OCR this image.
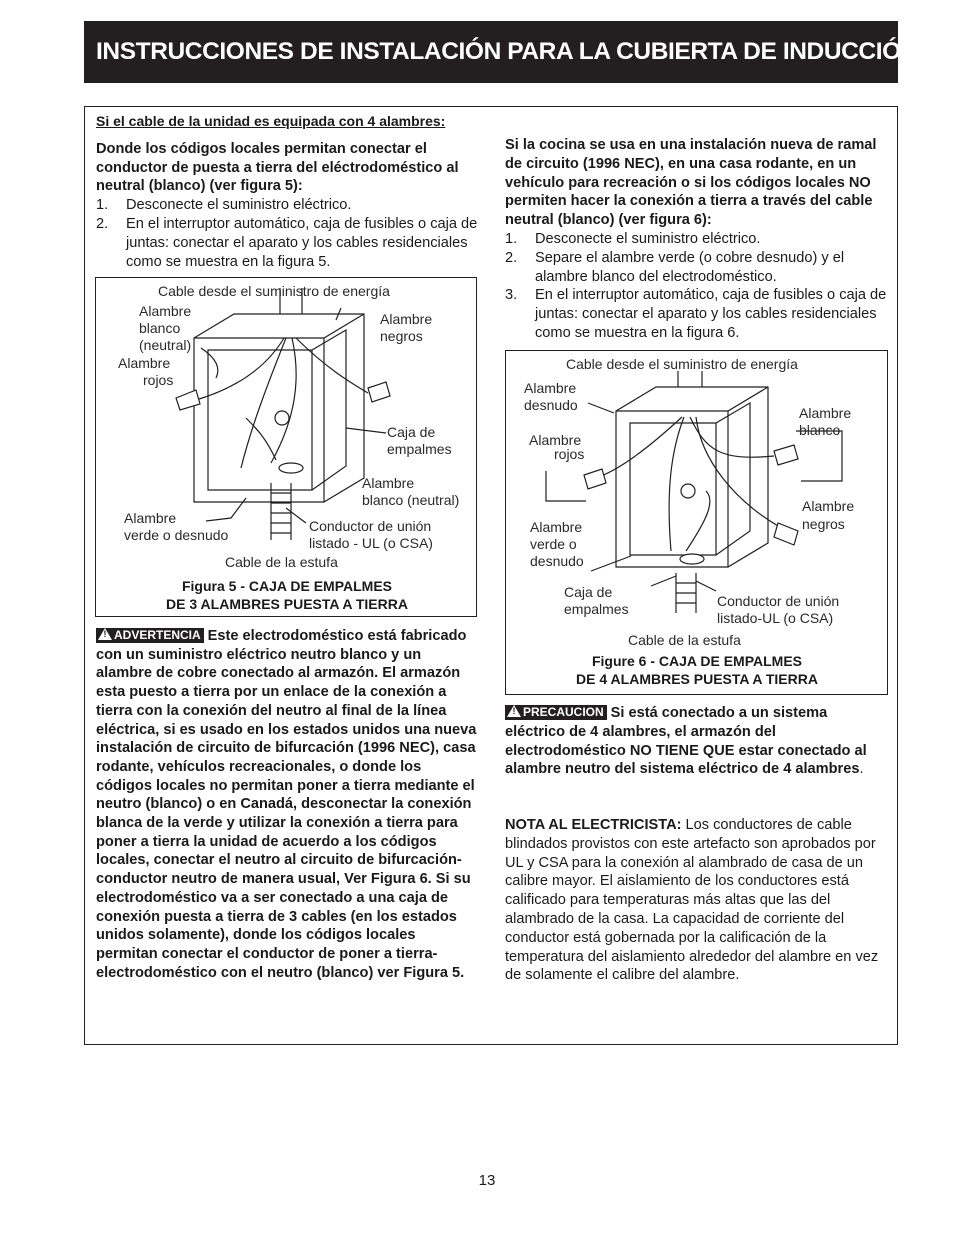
INSTRUCCIONES DE INSTALACIÓN PARA LA CUBIERTA DE INDUCCIÓN

Si el cable de la unidad es equipada con 4 alambres:

Donde los códigos locales permitan conectar el conductor de puesta a tierra del eléctrodoméstico al neutral (blanco) (ver figura 5):

1. Desconecte el suministro eléctrico.
2. En el interruptor automático, caja de fusibles o caja de juntas: conectar el aparato y los cables residenciales como se muestra en la figura 5.
Cable desde el suministro de energía
Alambre
blanco
(neutral)
Alambre
negros
Alambre
rojos
Caja de
empalmes
Alambre
blanco (neutral)
Alambre
verde o desnudo
Conductor de unión
listado - UL (o CSA)
Cable de la estufa
Figura 5 - CAJA DE EMPALMES
DE 3 ALAMBRES PUESTA A TIERRA
! ADVERTENCIA Este electrodoméstico está fabricado con un suministro eléctrico neutro blanco y un alambre de cobre conectado al armazón. El armazón esta puesto a tierra por un enlace de la conexión a tierra con la conexión del neutro al final de la línea eléctrica, si es usado en los estados unidos una nueva instalación de circuito de bifurcación (1996 NEC), casa rodante, vehículos recreacionales, o donde los códigos locales no permitan poner a tierra mediante el neutro (blanco) o en Canadá, desconectar la conexión blanca de la verde y utilizar la conexión a tierra para poner a tierra la unidad de acuerdo a los códigos locales, conectar el neutro al circuito de bifurcación- conductor neutro de manera usual, Ver Figura 6. Si su electrodoméstico va a ser conectado a una caja de conexión puesta a tierra de 3 cables (en los estados unidos solamente), donde los códigos locales permitan conectar el conductor de poner a tierra-electrodoméstico con el neutro (blanco) ver Figura 5.

Si la cocina se usa en una instalación nueva de ramal de circuito (1996 NEC), en una casa rodante, en un vehículo para recreación o si los códigos locales NO permiten hacer la conexión a tierra a través del cable neutral (blanco) (ver figura 6):

1. Desconecte el suministro eléctrico.
2. Separe el alambre verde (o cobre desnudo) y el alambre blanco del electrodoméstico.
3. En el interruptor automático, caja de fusibles o caja de juntas: conectar el aparato y los cables residenciales como se muestra en la figura 6.
Cable desde el suministro de energía
Alambre
desnudo	Alambre
blanco
Alambre
rojos
Alambre
negros
Alambre
verde o
desnudo
Caja de
empalmes	Conductor de unión
listado-UL (o CSA)
Cable de la estufa
Figure 6 - CAJA DE EMPALMES
DE 4 ALAMBRES PUESTA A TIERRA
! PRECAUCION Si está conectado a un sistema eléctrico de 4 alambres, el armazón del electrodoméstico NO TIENE QUE estar conectado al alambre neutro del sistema eléctrico de 4 alambres.
NOTA AL ELECTRICISTA: Los conductores de cable blindados provistos con este artefacto son aprobados por UL y CSA para la conexión al alambrado de casa de un calibre mayor. El aislamiento de los conductores está calificado para temperaturas más altas que las del alambrado de la casa. La capacidad de corriente del conductor está gobernada por la calificación de la temperatura del aislamiento alrededor del alambre en vez de solamente el calibre del alambre.
13
